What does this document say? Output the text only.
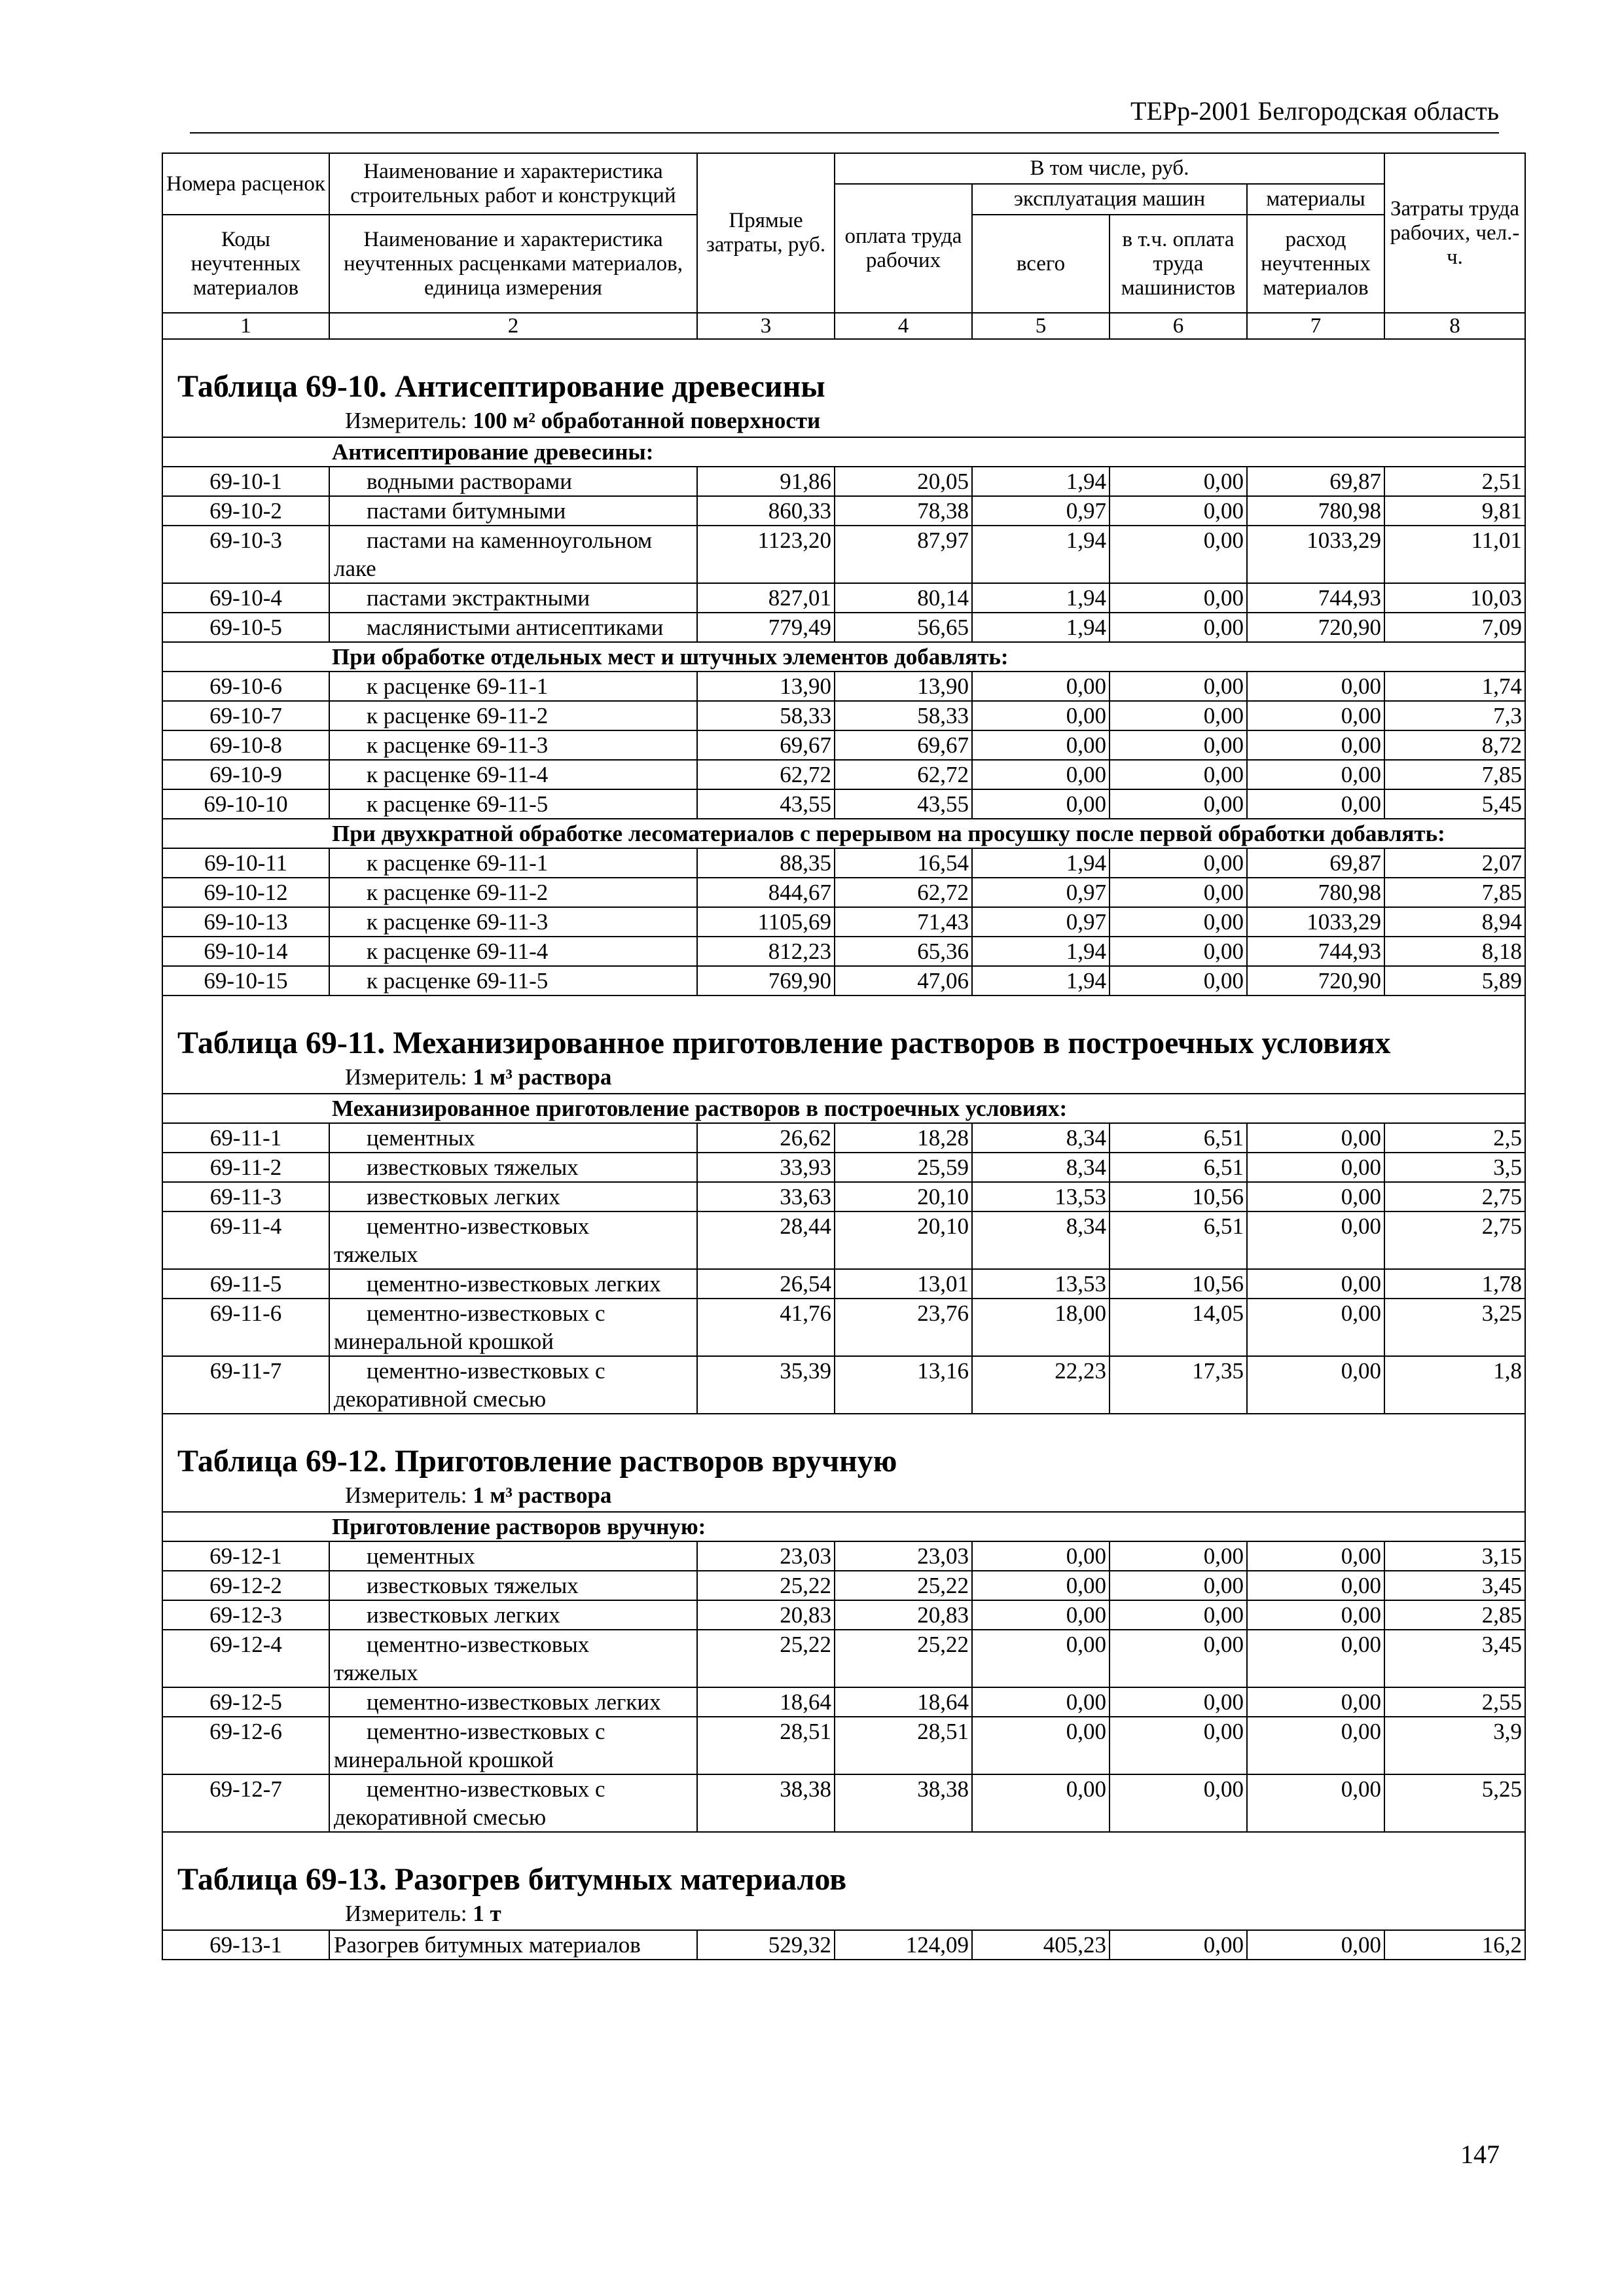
ТЕРр-2001 Белгородская область
Номера расценок	Наименование и характеристика строительных работ и конструкций	Прямые затраты, руб.	В том числе, руб.				Затраты труда рабочих, чел.-ч.
			оплата труда рабочих	эксплуатация машин		материалы	
Коды неучтенных материалов	Наименование и характеристика неучтенных расценками материалов, единица измерения			всего	в т.ч. оплата труда машинистов	расход неучтенных материалов	

1	2	3	4	5	6	7	8

Таблица 69-10. Антисептирование древесины
Измеритель: 100 м² обработанной поверхности							

	Антисептирование древесины:						
69-10-1	водными растворами	91,86	20,05	1,94	0,00	69,87	2,51
69-10-2	пастами битумными	860,33	78,38	0,97	0,00	780,98	9,81
69-10-3	пастами на каменноугольном
лаке	1123,20	87,97	1,94	0,00	1033,29	11,01
69-10-4	пастами экстрактными	827,01	80,14	1,94	0,00	744,93	10,03
69-10-5	маслянистыми антисептиками	779,49	56,65	1,94	0,00	720,90	7,09
	При обработке отдельных мест и штучных элементов добавлять:						
69-10-6	к расценке 69-11-1	13,90	13,90	0,00	0,00	0,00	1,74
69-10-7	к расценке 69-11-2	58,33	58,33	0,00	0,00	0,00	7,3
69-10-8	к расценке 69-11-3	69,67	69,67	0,00	0,00	0,00	8,72
69-10-9	к расценке 69-11-4	62,72	62,72	0,00	0,00	0,00	7,85
69-10-10	к расценке 69-11-5	43,55	43,55	0,00	0,00	0,00	5,45
	При двухкратной обработке лесоматериалов с перерывом на просушку после первой обработки добавлять:						
69-10-11	к расценке 69-11-1	88,35	16,54	1,94	0,00	69,87	2,07
69-10-12	к расценке 69-11-2	844,67	62,72	0,97	0,00	780,98	7,85
69-10-13	к расценке 69-11-3	1105,69	71,43	0,97	0,00	1033,29	8,94
69-10-14	к расценке 69-11-4	812,23	65,36	1,94	0,00	744,93	8,18
69-10-15	к расценке 69-11-5	769,90	47,06	1,94	0,00	720,90	5,89

Таблица 69-11. Механизированное приготовление растворов в построечных условиях
Измеритель: 1 м³ раствора							

	Механизированное приготовление растворов в построечных условиях:						
69-11-1	цементных	26,62	18,28	8,34	6,51	0,00	2,5
69-11-2	известковых тяжелых	33,93	25,59	8,34	6,51	0,00	3,5
69-11-3	известковых легких	33,63	20,10	13,53	10,56	0,00	2,75
69-11-4	цементно-известковых
тяжелых	28,44	20,10	8,34	6,51	0,00	2,75
69-11-5	цементно-известковых легких	26,54	13,01	13,53	10,56	0,00	1,78
69-11-6	цементно-известковых с
минеральной крошкой	41,76	23,76	18,00	14,05	0,00	3,25
69-11-7	цементно-известковых с
декоративной смесью	35,39	13,16	22,23	17,35	0,00	1,8

Таблица 69-12. Приготовление растворов вручную
Измеритель: 1 м³ раствора							

	Приготовление растворов вручную:						
69-12-1	цементных	23,03	23,03	0,00	0,00	0,00	3,15
69-12-2	известковых тяжелых	25,22	25,22	0,00	0,00	0,00	3,45
69-12-3	известковых легких	20,83	20,83	0,00	0,00	0,00	2,85
69-12-4	цементно-известковых
тяжелых	25,22	25,22	0,00	0,00	0,00	3,45
69-12-5	цементно-известковых легких	18,64	18,64	0,00	0,00	0,00	2,55
69-12-6	цементно-известковых с
минеральной крошкой	28,51	28,51	0,00	0,00	0,00	3,9
69-12-7	цементно-известковых с
декоративной смесью	38,38	38,38	0,00	0,00	0,00	5,25

Таблица 69-13. Разогрев битумных материалов
Измеритель: 1 т							

69-13-1	Разогрев битумных материалов	529,32	124,09	405,23	0,00	0,00	16,2
147
